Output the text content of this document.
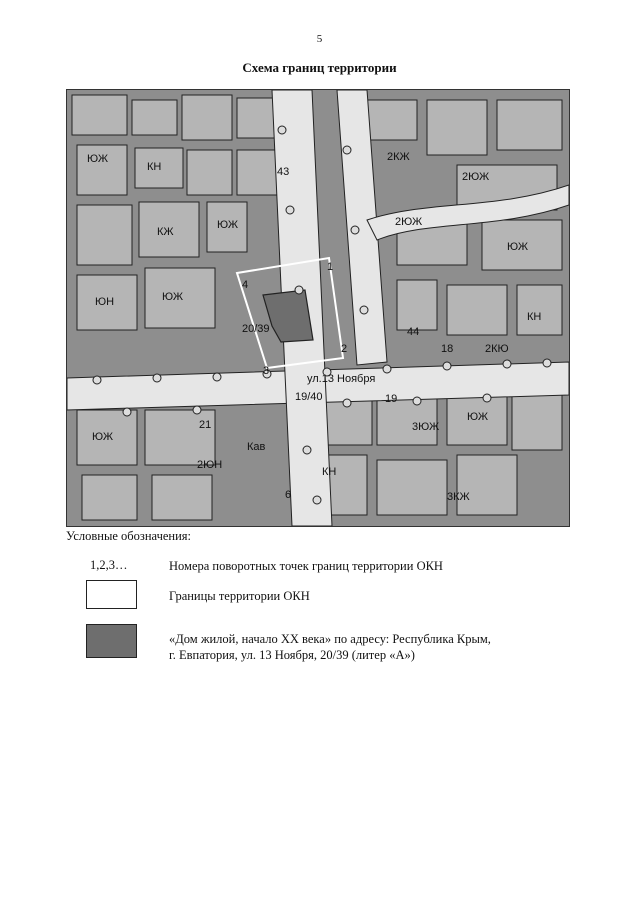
5
Схема границ территории
20/39
1
2
3
4
ул.13 Ноября
19/40	19
18
21
6
43
44
Кав
ЮЖ
КН
2КЖ
2ЮЖ
3ЮЖ
2ЮН
2КЮ
2ЮЖ
3КЖ
ЮН
КЖ
ЮЖ
ЮЖ
ЮЖ
КН
ЮЖ
КН
ЮЖ
Условные обозначения:
1,2,3…	Номера поворотных точек границ территории ОКН
Границы территории ОКН
«Дом жилой, начало XX века» по адресу: Республика Крым,
г. Евпатория, ул. 13 Ноября, 20/39 (литер «А»)
